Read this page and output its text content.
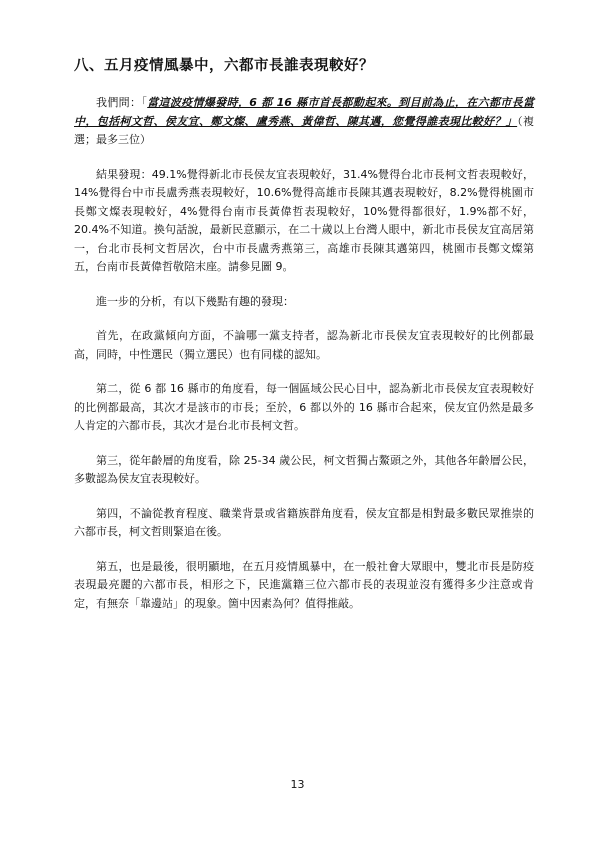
八、五月疫情風暴中，六都市長誰表現較好？

我們問：「當這波疫情爆發時，6 都 16 縣市首長都動起來。到目前為止，在六都市長當中，包括柯文哲、侯友宜、鄭文燦、盧秀燕、黃偉哲、陳其邁，您覺得誰表現比較好？」（複選；最多三位）

結果發現：49.1%覺得新北市長侯友宜表現較好，31.4%覺得台北市長柯文哲表現較好，14%覺得台中市長盧秀燕表現較好，10.6%覺得高雄市長陳其邁表現較好，8.2%覺得桃園市長鄭文燦表現較好，4%覺得台南市長黃偉哲表現較好，10%覺得都很好，1.9%都不好，20.4%不知道。換句話說，最新民意顯示，在二十歲以上台灣人眼中，新北市長侯友宜高居第一，台北市長柯文哲居次，台中市長盧秀燕第三，高雄市長陳其邁第四，桃園市長鄭文燦第五，台南市長黃偉哲敬陪末座。請參見圖 9。

進一步的分析，有以下幾點有趣的發現：

首先，在政黨傾向方面，不論哪一黨支持者，認為新北市長侯友宜表現較好的比例都最高，同時，中性選民（獨立選民）也有同樣的認知。

第二，從 6 都 16 縣市的角度看，每一個區域公民心目中，認為新北市長侯友宜表現較好的比例都最高，其次才是該市的市長；至於，6 都以外的 16 縣市合起來，侯友宜仍然是最多人肯定的六都市長，其次才是台北市長柯文哲。

第三，從年齡層的角度看，除 25-34 歲公民，柯文哲獨占鰲頭之外，其他各年齡層公民，多數認為侯友宜表現較好。

第四，不論從教育程度、職業背景或省籍族群角度看，侯友宜都是相對最多數民眾推崇的六都市長，柯文哲則緊追在後。

第五，也是最後，很明顯地，在五月疫情風暴中，在一般社會大眾眼中，雙北市長是防疫表現最亮麗的六都市長，相形之下，民進黨籍三位六都市長的表現並沒有獲得多少注意或肯定，有無奈「靠邊站」的現象。箇中因素為何？值得推敲。

13
